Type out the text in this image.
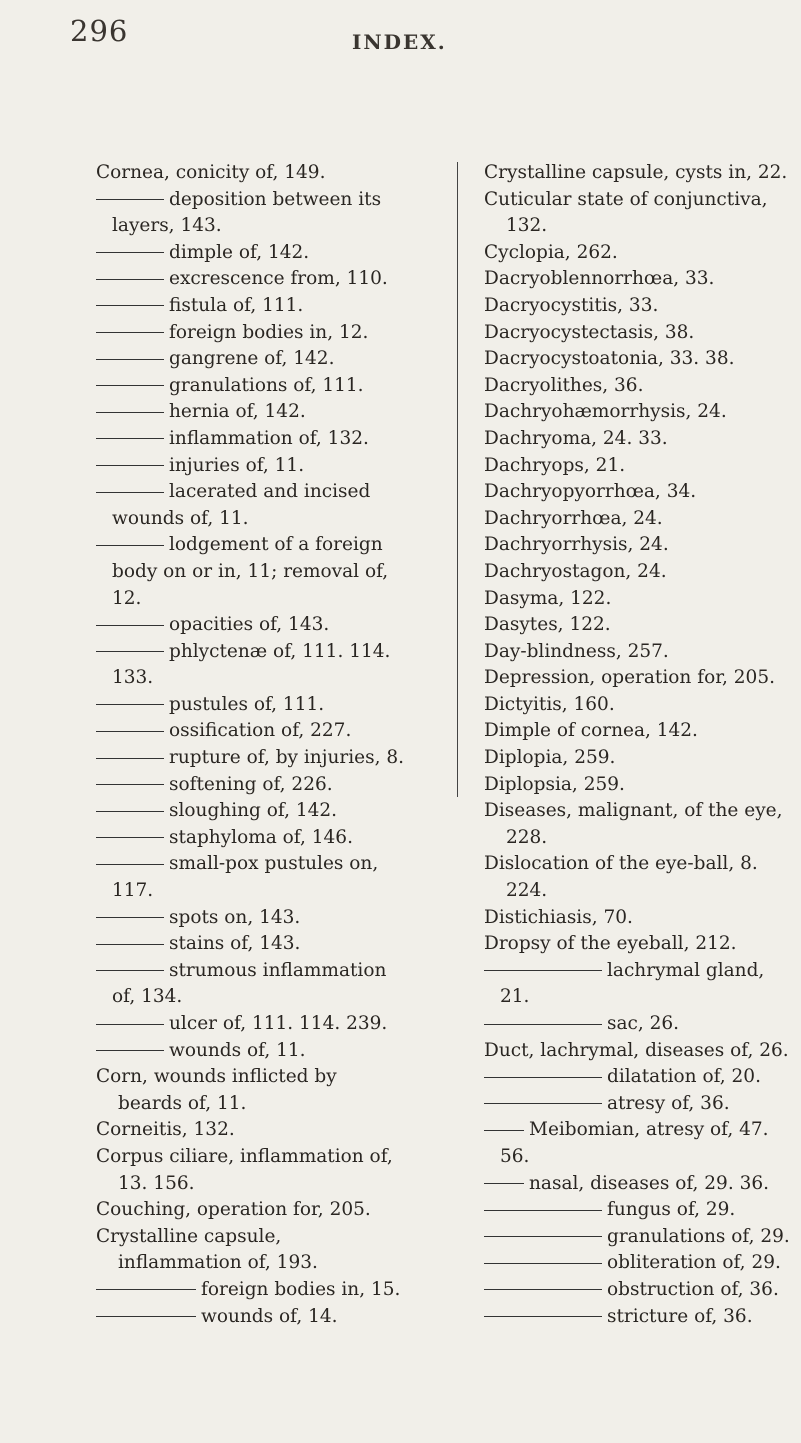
296	INDEX.

Cornea, conicity of, 149.

deposition between its layers, 143.

dimple of, 142.

excrescence from, 110.

fistula of, 111.

foreign bodies in, 12.

gangrene of, 142.

granulations of, 111.

hernia of, 142.

inflammation of, 132.

injuries of, 11.

lacerated and incised wounds of, 11.

lodgement of a foreign body on or in, 11; removal of, 12.

opacities of, 143.

phlyctenæ of, 111. 114. 133.

pustules of, 111.

ossification of, 227.

rupture of, by injuries, 8.

softening of, 226.

sloughing of, 142.

staphyloma of, 146.

small-pox pustules on, 117.

spots on, 143.

stains of, 143.

strumous inflammation of, 134.

ulcer of, 111. 114. 239.

wounds of, 11.

Corn, wounds inflicted by beards of, 11.

Corneitis, 132.

Corpus ciliare, inflammation of, 13. 156.

Couching, operation for, 205.

Crystalline capsule, inflammation of, 193.

foreign bodies in, 15.

wounds of, 14.

Crystalline capsule, cysts in, 22.

Cuticular state of conjunctiva, 132.

Cyclopia, 262.

Dacryoblennorrhœa, 33.

Dacryocystitis, 33.

Dacryocystectasis, 38.

Dacryocystoatonia, 33. 38.

Dacryolithes, 36.

Dachryohæmorrhysis, 24.

Dachryoma, 24. 33.

Dachryops, 21.

Dachryopyorrhœa, 34.

Dachryorrhœa, 24.

Dachryorrhysis, 24.

Dachryostagon, 24.

Dasyma, 122.

Dasytes, 122.

Day-blindness, 257.

Depression, operation for, 205.

Dictyitis, 160.

Dimple of cornea, 142.

Diplopia, 259.

Diplopsia, 259.

Diseases, malignant, of the eye, 228.

Dislocation of the eye-ball, 8. 224.

Distichiasis, 70.

Dropsy of the eyeball, 212.

lachrymal gland, 21.

sac, 26.

Duct, lachrymal, diseases of, 26.

dilatation of, 20.

atresy of, 36.

Meibomian, atresy of, 47. 56.

nasal, diseases of, 29. 36.

fungus of, 29.

granulations of, 29.

obliteration of, 29.

obstruction of, 36.

stricture of, 36.
